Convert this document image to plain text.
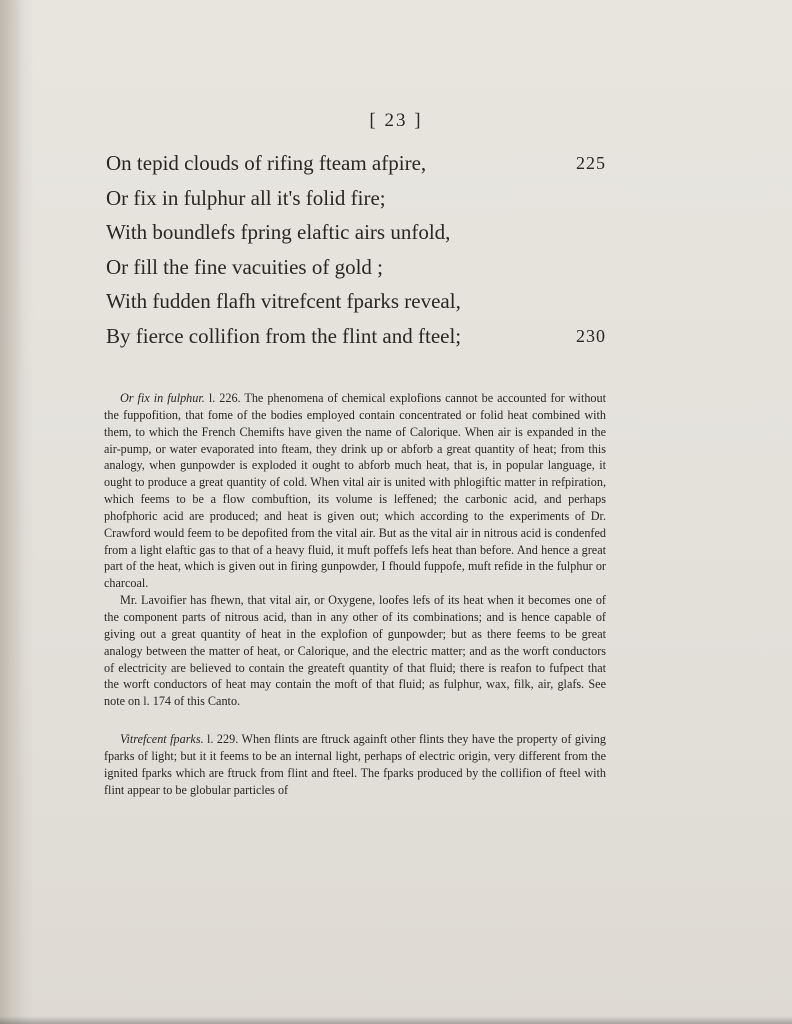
[ 23 ]
On tepid clouds of rifing fteam afpire,	225
Or fix in fulphur all it's folid fire;
With boundlefs fpring elaftic airs unfold,
Or fill the fine vacuities of gold ;
With fudden flafh vitrefcent fparks reveal,
By fierce collifion from the flint and fteel;	230

Or fix in fulphur. l. 226. The phenomena of chemical explofions cannot be accounted for without the fuppofition, that fome of the bodies employed contain concentrated or folid heat combined with them, to which the French Chemifts have given the name of Calorique. When air is expanded in the air-pump, or water evaporated into fteam, they drink up or abforb a great quantity of heat; from this analogy, when gunpowder is exploded it ought to abforb much heat, that is, in popular language, it ought to produce a great quantity of cold. When vital air is united with phlogiftic matter in refpiration, which feems to be a flow combuftion, its volume is leffened; the carbonic acid, and perhaps phofphoric acid are produced; and heat is given out; which according to the experiments of Dr. Crawford would feem to be depofited from the vital air. But as the vital air in nitrous acid is condenfed from a light elaftic gas to that of a heavy fluid, it muft poffefs lefs heat than before. And hence a great part of the heat, which is given out in firing gunpowder, I fhould fuppofe, muft refide in the fulphur or charcoal.

Mr. Lavoifier has fhewn, that vital air, or Oxygene, loofes lefs of its heat when it becomes one of the component parts of nitrous acid, than in any other of its combinations; and is hence capable of giving out a great quantity of heat in the explofion of gunpowder; but as there feems to be great analogy between the matter of heat, or Calorique, and the electric matter; and as the worft conductors of electricity are believed to contain the greateft quantity of that fluid; there is reafon to fufpect that the worft conductors of heat may contain the moft of that fluid; as fulphur, wax, filk, air, glafs. See note on l. 174 of this Canto.

Vitrefcent fparks. l. 229. When flints are ftruck againft other flints they have the property of giving fparks of light; but it it feems to be an internal light, perhaps of electric origin, very different from the ignited fparks which are ftruck from flint and fteel. The fparks produced by the collifion of fteel with flint appear to be globular particles of
